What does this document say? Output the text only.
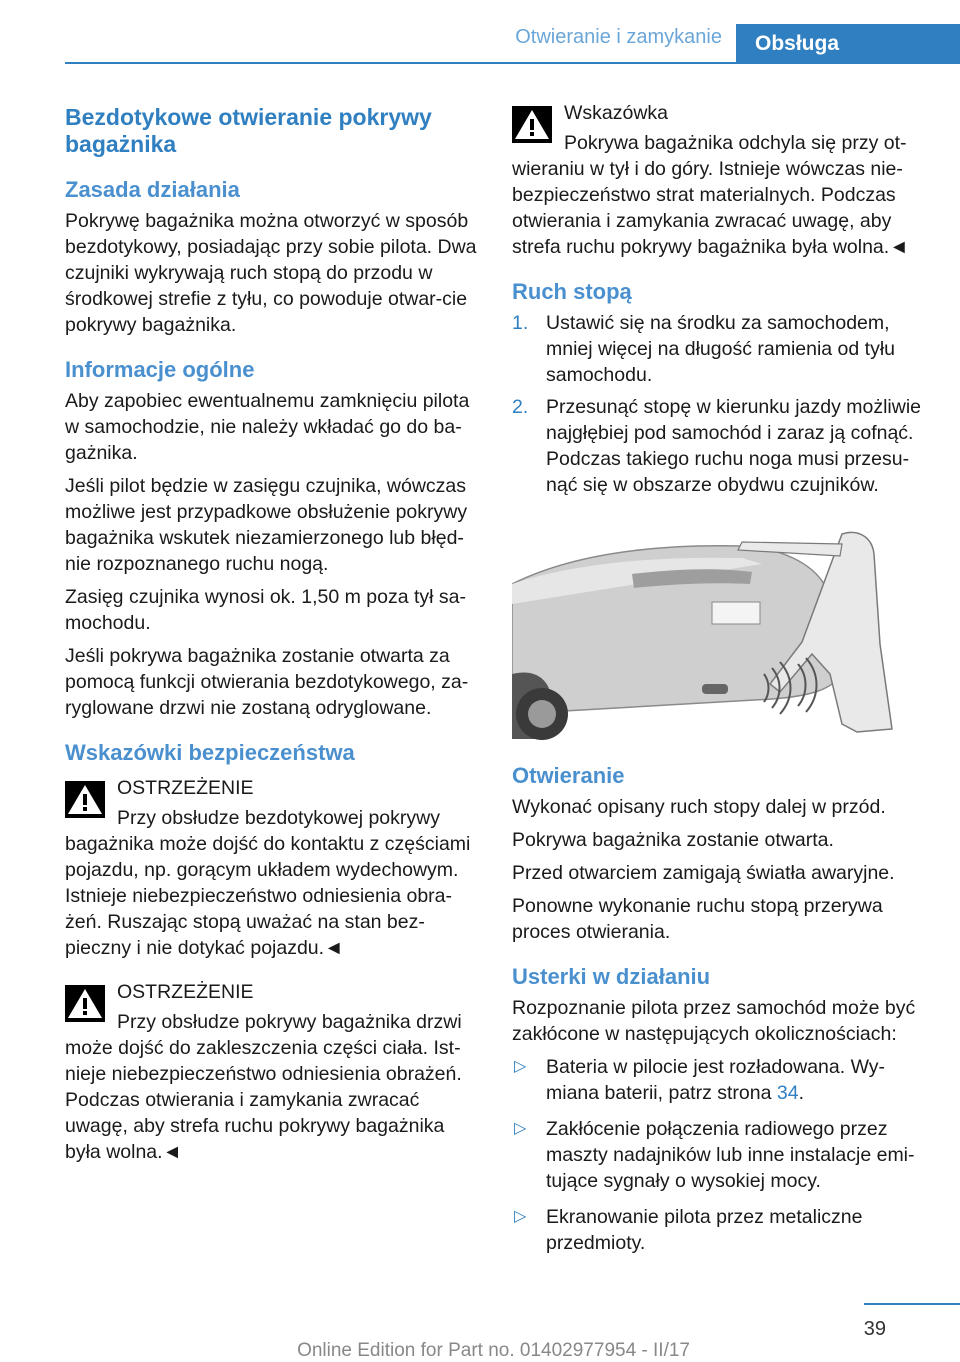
Otwieranie i zamykanie	Obsługa
Bezdotykowe otwieranie pokrywy bagażnika
Zasada działania

Pokrywę bagażnika można otworzyć w sposób bezdotykowy, posiadając przy sobie pilota. Dwa czujniki wykrywają ruch stopą do przodu w środkowej strefie z tyłu, co powoduje otwar-cie pokrywy bagażnika.

Informacje ogólne

Aby zapobiec ewentualnemu zamknięciu pilota w samochodzie, nie należy wkładać go do ba-gażnika.

Jeśli pilot będzie w zasięgu czujnika, wówczas możliwe jest przypadkowe obsłużenie pokrywy bagażnika wskutek niezamierzonego lub błęd-nie rozpoznanego ruchu nogą.

Zasięg czujnika wynosi ok. 1,50 m poza tył sa-mochodu.

Jeśli pokrywa bagażnika zostanie otwarta za pomocą funkcji otwierania bezdotykowego, za-ryglowane drzwi nie zostaną odryglowane.

Wskazówki bezpieczeństwa
OSTRZEŻENIE

Przy obsłudze bezdotykowej pokrywy bagażnika może dojść do kontaktu z częściami pojazdu, np. gorącym układem wydechowym. Istnieje niebezpieczeństwo odniesienia obra-żeń. Ruszając stopą uważać na stan bez-pieczny i nie dotykać pojazdu.◄

OSTRZEŻENIE

Przy obsłudze pokrywy bagażnika drzwi może dojść do zakleszczenia części ciała. Ist-nieje niebezpieczeństwo odniesienia obrażeń. Podczas otwierania i zamykania zwracać uwagę, aby strefa ruchu pokrywy bagażnika była wolna.◄

Wskazówka

Pokrywa bagażnika odchyla się przy ot-wieraniu w tył i do góry. Istnieje wówczas nie-bezpieczeństwo strat materialnych. Podczas otwierania i zamykania zwracać uwagę, aby strefa ruchu pokrywy bagażnika była wolna.◄

Ruch stopą
1. Ustawić się na środku za samochodem, mniej więcej na długość ramienia od tyłu samochodu.
2. Przesunąć stopę w kierunku jazdy możliwie najgłębiej pod samochód i zaraz ją cofnąć. Podczas takiego ruchu noga musi przesu-nąć się w obszarze obydwu czujników.
Otwieranie

Wykonać opisany ruch stopy dalej w przód.

Pokrywa bagażnika zostanie otwarta.

Przed otwarciem zamigają światła awaryjne.

Ponowne wykonanie ruchu stopą przerywa proces otwierania.

Usterki w działaniu

Rozpoznanie pilota przez samochód może być zakłócone w następujących okolicznościach:

▷ Bateria w pilocie jest rozładowana. Wy-miana baterii, patrz strona 34.
▷ Zakłócenie połączenia radiowego przez maszty nadajników lub inne instalacje emi-tujące sygnały o wysokiej mocy.
▷ Ekranowanie pilota przez metaliczne przedmioty.
39
Online Edition for Part no. 01402977954 - II/17
